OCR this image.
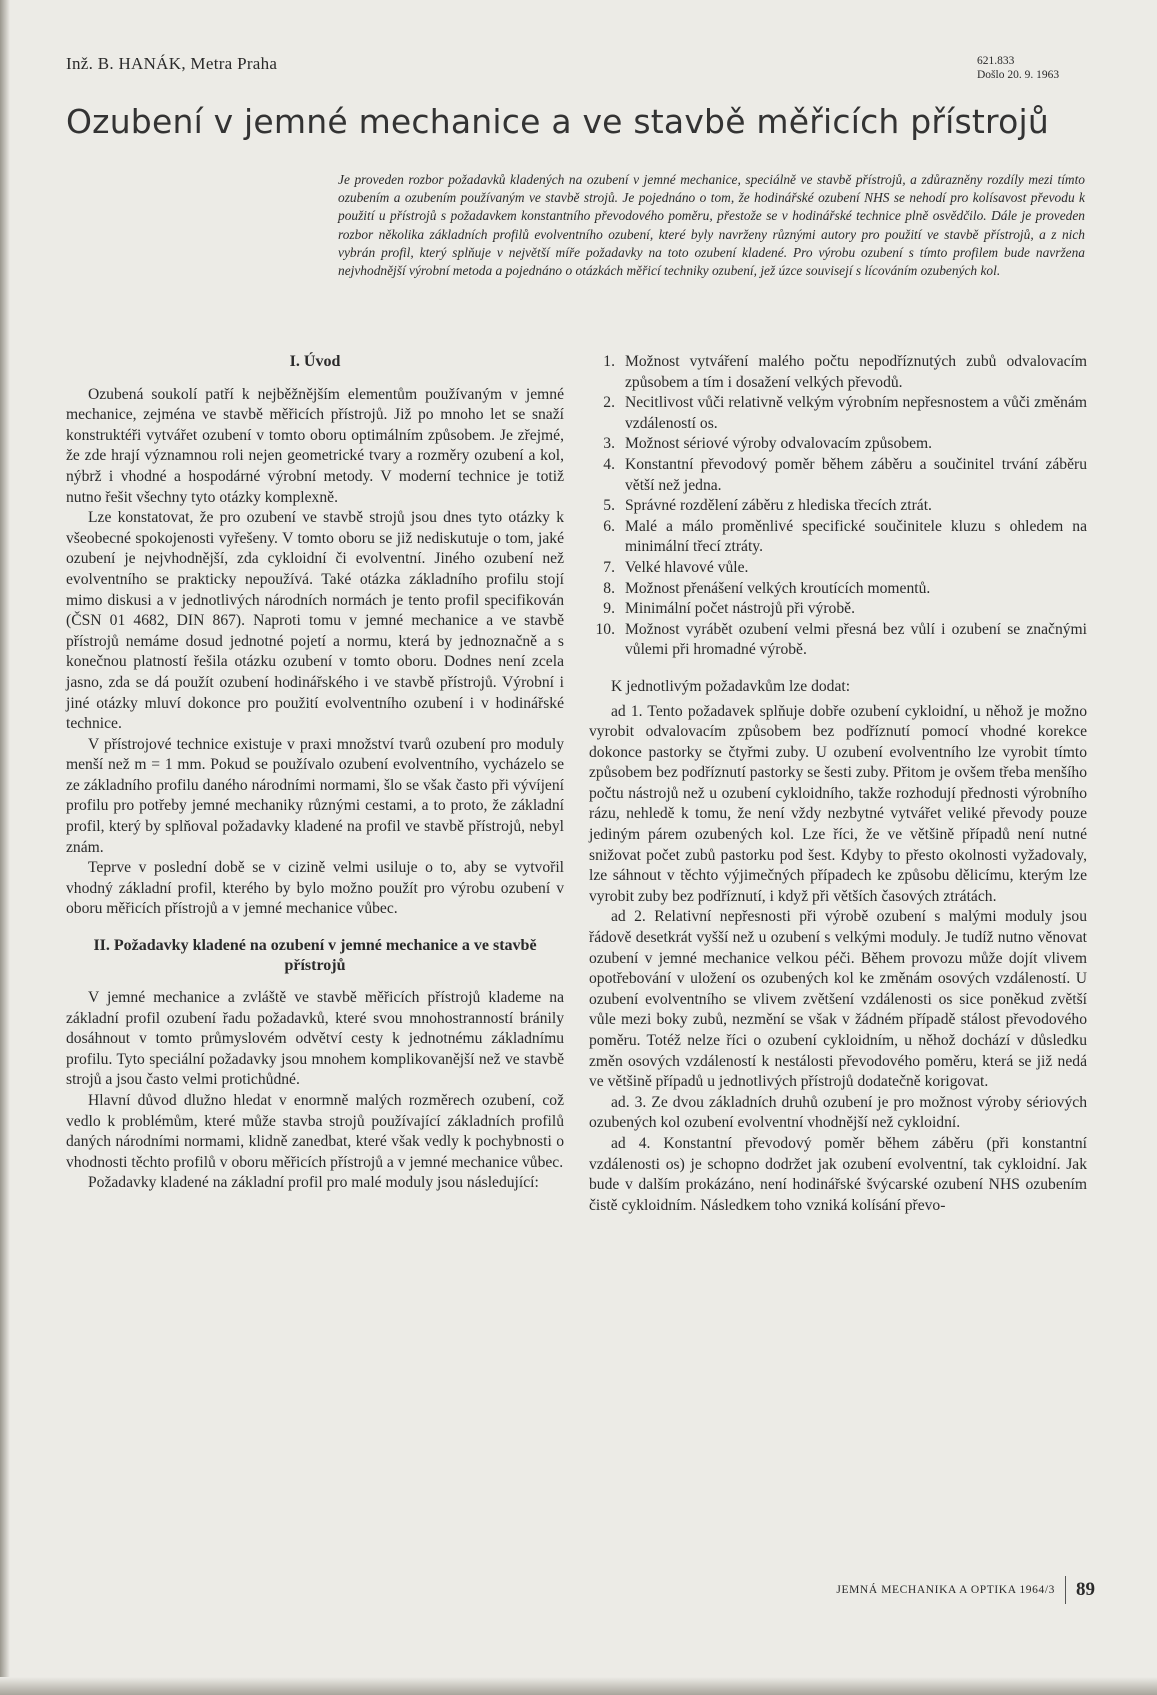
Inž. B. HANÁK, Metra Praha	621.833
Došlo 20. 9. 1963
Ozubení v jemné mechanice a ve stavbě měřicích přístrojů
Je proveden rozbor požadavků kladených na ozubení v jemné mechanice, speciálně ve stavbě přístrojů, a zdůrazněny rozdíly mezi tímto ozubením a ozubením používaným ve stavbě strojů. Je pojednáno o tom, že hodinářské ozubení NHS se nehodí pro kolísavost převodu k použití u přístrojů s požadavkem konstantního převodového poměru, přestože se v hodinářské technice plně osvědčilo. Dále je proveden rozbor několika základních profilů evolventního ozubení, které byly navrženy různými autory pro použití ve stavbě přístrojů, a z nich vybrán profil, který splňuje v největší míře požadavky na toto ozubení kladené. Pro výrobu ozubení s tímto profilem bude navržena nejvhodnější výrobní metoda a pojednáno o otázkách měřicí techniky ozubení, jež úzce souvisejí s lícováním ozubených kol.
I. Úvod

Ozubená soukolí patří k nejběžnějším elementům používaným v jemné mechanice, zejména ve stavbě měřicích přístrojů. Již po mnoho let se snaží konstruktéři vytvářet ozubení v tomto oboru optimálním způsobem. Je zřejmé, že zde hrají významnou roli nejen geometrické tvary a rozměry ozubení a kol, nýbrž i vhodné a hospodárné výrobní metody. V moderní technice je totiž nutno řešit všechny tyto otázky komplexně.

Lze konstatovat, že pro ozubení ve stavbě strojů jsou dnes tyto otázky k všeobecné spokojenosti vyřešeny. V tomto oboru se již nediskutuje o tom, jaké ozubení je nejvhodnější, zda cykloidní či evolventní. Jiného ozubení než evolventního se prakticky nepoužívá. Také otázka základního profilu stojí mimo diskusi a v jednotlivých národních normách je tento profil specifikován (ČSN 01 4682, DIN 867). Naproti tomu v jemné mechanice a ve stavbě přístrojů nemáme dosud jednotné pojetí a normu, která by jednoznačně a s konečnou platností řešila otázku ozubení v tomto oboru. Dodnes není zcela jasno, zda se dá použít ozubení hodinářského i ve stavbě přístrojů. Výrobní i jiné otázky mluví dokonce pro použití evolventního ozubení i v hodinářské technice.

V přístrojové technice existuje v praxi množství tvarů ozubení pro moduly menší než m = 1 mm. Pokud se používalo ozubení evolventního, vycházelo se ze základního profilu daného národními normami, šlo se však často při vývíjení profilu pro potřeby jemné mechaniky různými cestami, a to proto, že základní profil, který by splňoval požadavky kladené na profil ve stavbě přístrojů, nebyl znám.

Teprve v poslední době se v cizině velmi usiluje o to, aby se vytvořil vhodný základní profil, kterého by bylo možno použít pro výrobu ozubení v oboru měřicích přístrojů a v jemné mechanice vůbec.

II. Požadavky kladené na ozubení v jemné mechanice a ve stavbě přístrojů

V jemné mechanice a zvláště ve stavbě měřicích přístrojů klademe na základní profil ozubení řadu požadavků, které svou mnohostranností bránily dosáhnout v tomto průmyslovém odvětví cesty k jednotnému základnímu profilu. Tyto speciální požadavky jsou mnohem komplikovanější než ve stavbě strojů a jsou často velmi protichůdné.

Hlavní důvod dlužno hledat v enormně malých rozměrech ozubení, což vedlo k problémům, které může stavba strojů používající základních profilů daných národními normami, klidně zanedbat, které však vedly k pochybnosti o vhodnosti těchto profilů v oboru měřicích přístrojů a v jemné mechanice vůbec.

Požadavky kladené na základní profil pro malé moduly jsou následující:

1. Možnost vytváření malého počtu nepodříznutých zubů odvalovacím způsobem a tím i dosažení velkých převodů.
2. Necitlivost vůči relativně velkým výrobním nepřesnostem a vůči změnám vzdáleností os.
3. Možnost sériové výroby odvalovacím způsobem.
4. Konstantní převodový poměr během záběru a součinitel trvání záběru větší než jedna.
5. Správné rozdělení záběru z hlediska třecích ztrát.
6. Malé a málo proměnlivé specifické součinitele kluzu s ohledem na minimální třecí ztráty.
7. Velké hlavové vůle.
8. Možnost přenášení velkých kroutících momentů.
9. Minimální počet nástrojů při výrobě.
10. Možnost vyrábět ozubení velmi přesná bez vůlí i ozubení se značnými vůlemi při hromadné výrobě.

K jednotlivým požadavkům lze dodat:

ad 1. Tento požadavek splňuje dobře ozubení cykloidní, u něhož je možno vyrobit odvalovacím způsobem bez podříznutí pomocí vhodné korekce dokonce pastorky se čtyřmi zuby. U ozubení evolventního lze vyrobit tímto způsobem bez podříznutí pastorky se šesti zuby. Přitom je ovšem třeba menšího počtu nástrojů než u ozubení cykloidního, takže rozhodují přednosti výrobního rázu, nehledě k tomu, že není vždy nezbytné vytvářet veliké převody pouze jediným párem ozubených kol. Lze říci, že ve většině případů není nutné snižovat počet zubů pastorku pod šest. Kdyby to přesto okolnosti vyžadovaly, lze sáhnout v těchto výjimečných případech ke způsobu dělicímu, kterým lze vyrobit zuby bez podříznutí, i když při větších časových ztrátách.

ad 2. Relativní nepřesnosti při výrobě ozubení s malými moduly jsou řádově desetkrát vyšší než u ozubení s velkými moduly. Je tudíž nutno věnovat ozubení v jemné mechanice velkou péči. Během provozu může dojít vlivem opotřebování v uložení os ozubených kol ke změnám osových vzdáleností. U ozubení evolventního se vlivem zvětšení vzdálenosti os sice poněkud zvětší vůle mezi boky zubů, nezmění se však v žádném případě stálost převodového poměru. Totéž nelze říci o ozubení cykloidním, u něhož dochází v důsledku změn osových vzdáleností k nestálosti převodového poměru, která se již nedá ve většině případů u jednotlivých přístrojů dodatečně korigovat.

ad. 3. Ze dvou základních druhů ozubení je pro možnost výroby sériových ozubených kol ozubení evolventní vhodnější než cykloidní.

ad 4. Konstantní převodový poměr během záběru (při konstantní vzdálenosti os) je schopno dodržet jak ozubení evolventní, tak cykloidní. Jak bude v dalším prokázáno, není hodinářské švýcarské ozubení NHS ozubením čistě cykloidním. Následkem toho vzniká kolísání převo-

JEMNÁ MECHANIKA A OPTIKA 1964/3	89
